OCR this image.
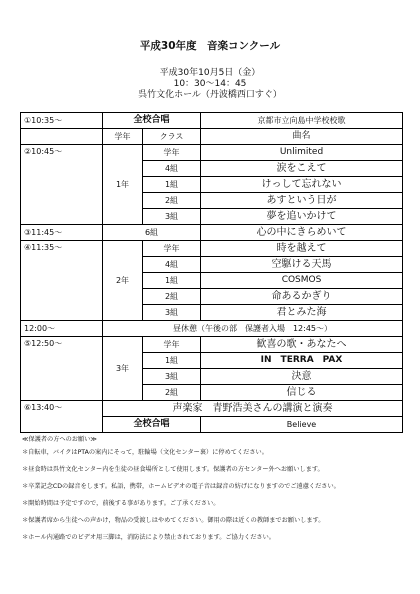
平成30年度　音楽コンクール
平成30年10月5日（金）
10：30〜14：45
呉竹文化ホール（丹波橋西口すぐ）
①10:35〜	全校合唱		京都市立向島中学校校歌
	学年	クラス	曲名
②10:45〜	1年	学年	Unlimited
		4組	涙をこえて
		1組	けっして忘れない
		2組	あすという日が
		3組	夢を追いかけて
③11:45〜	6組		心の中にきらめいて
④11:35〜	2年	学年	時を越えて
		4組	空駆ける天馬
		1組	COSMOS
		2組	命あるかぎり
		3組	君とみた海
12:00〜	昼休憩（午後の部　保護者入場　12:45〜）		
⑤12:50〜	3年	学年	歓喜の歌・あなたへ
		1組	IN　TERRA　PAX
		3組	決意
		2組	信じる
⑥13:40〜	声楽家　青野浩美さんの講演と演奏		
	全校合唱		Believe
≪保護者の方へのお願い≫

＊自転車，バイクはPTAの案内にそって，駐輪場（文化センター裏）に停めてください。

＊昼食時は呉竹文化センター内を生徒の昼食場所として使用します。保護者の方センター外へお願いします。

＊卒業記念CDの録音をします。私語，携帯，ホームビデオの電子音は録音の妨げになりますのでご遠慮ください。

＊開始時間は予定ですので，前後する事があります。ご了承ください。

＊保護者席から生徒への声かけ，物品の受渡しはやめてください。御用の際は近くの教師までお願いします。

＊ホール内通路でのビデオ用三脚は，消防法により禁止されております。ご協力ください。
